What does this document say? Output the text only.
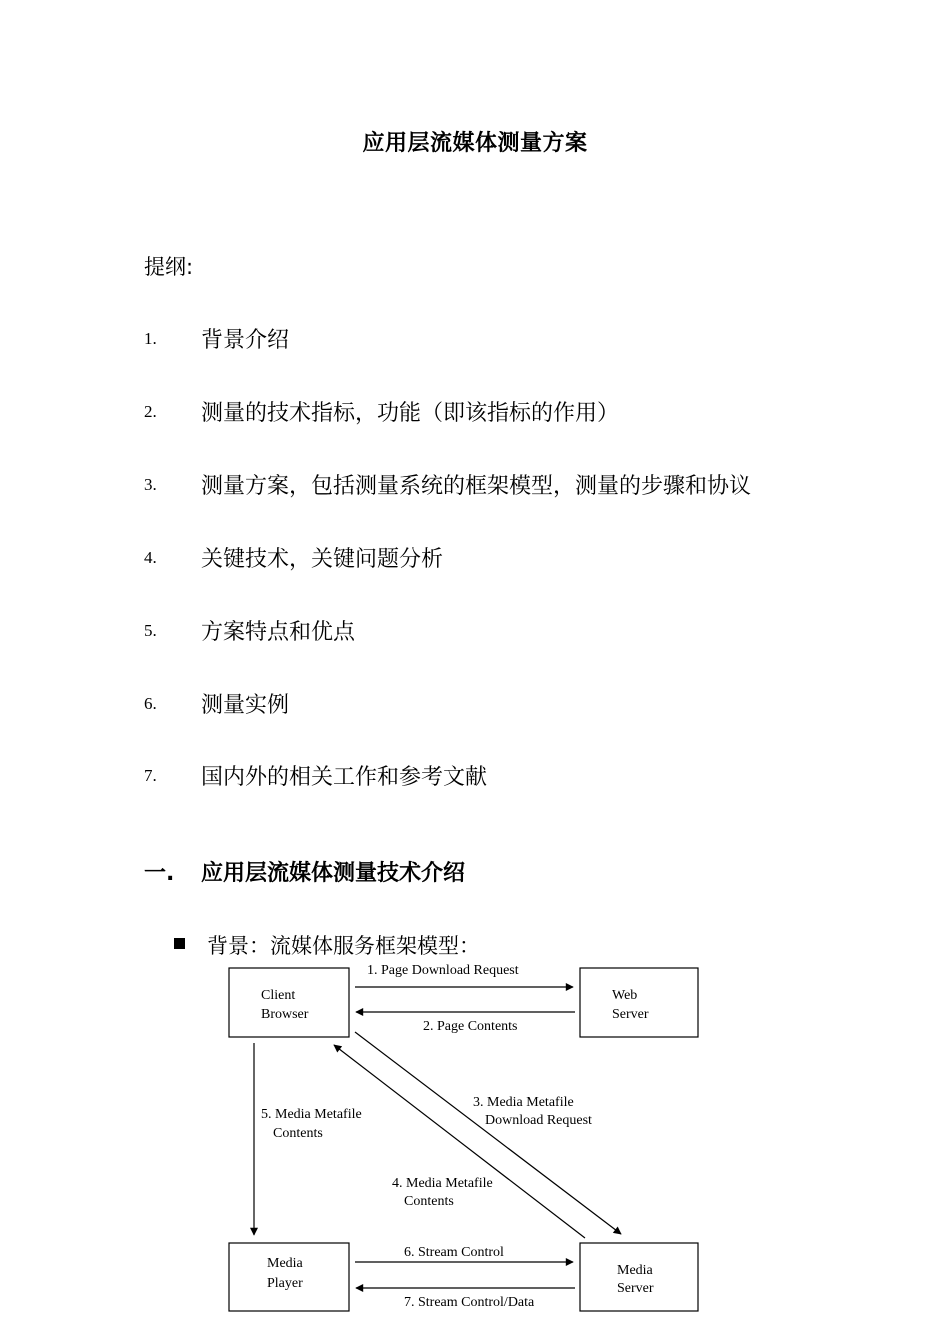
应用层流媒体测量方案
提纲:
1. 背景介绍
2. 测量的技术指标，功能（即该指标的作用）
3. 测量方案，包括测量系统的框架模型，测量的步骤和协议
4. 关键技术，关键问题分析
5. 方案特点和优点
6. 测量实例
7. 国内外的相关工作和参考文献
一. 应用层流媒体测量技术介绍
背景：流媒体服务框架模型：
Client
Browser
Web
Server
Media
Player
Media
Server
1. Page Download Request
2. Page Contents
3. Media Metafile
Download Request
4. Media Metafile
Contents
5. Media Metafile
Contents
6. Stream Control
7. Stream Control/Data
